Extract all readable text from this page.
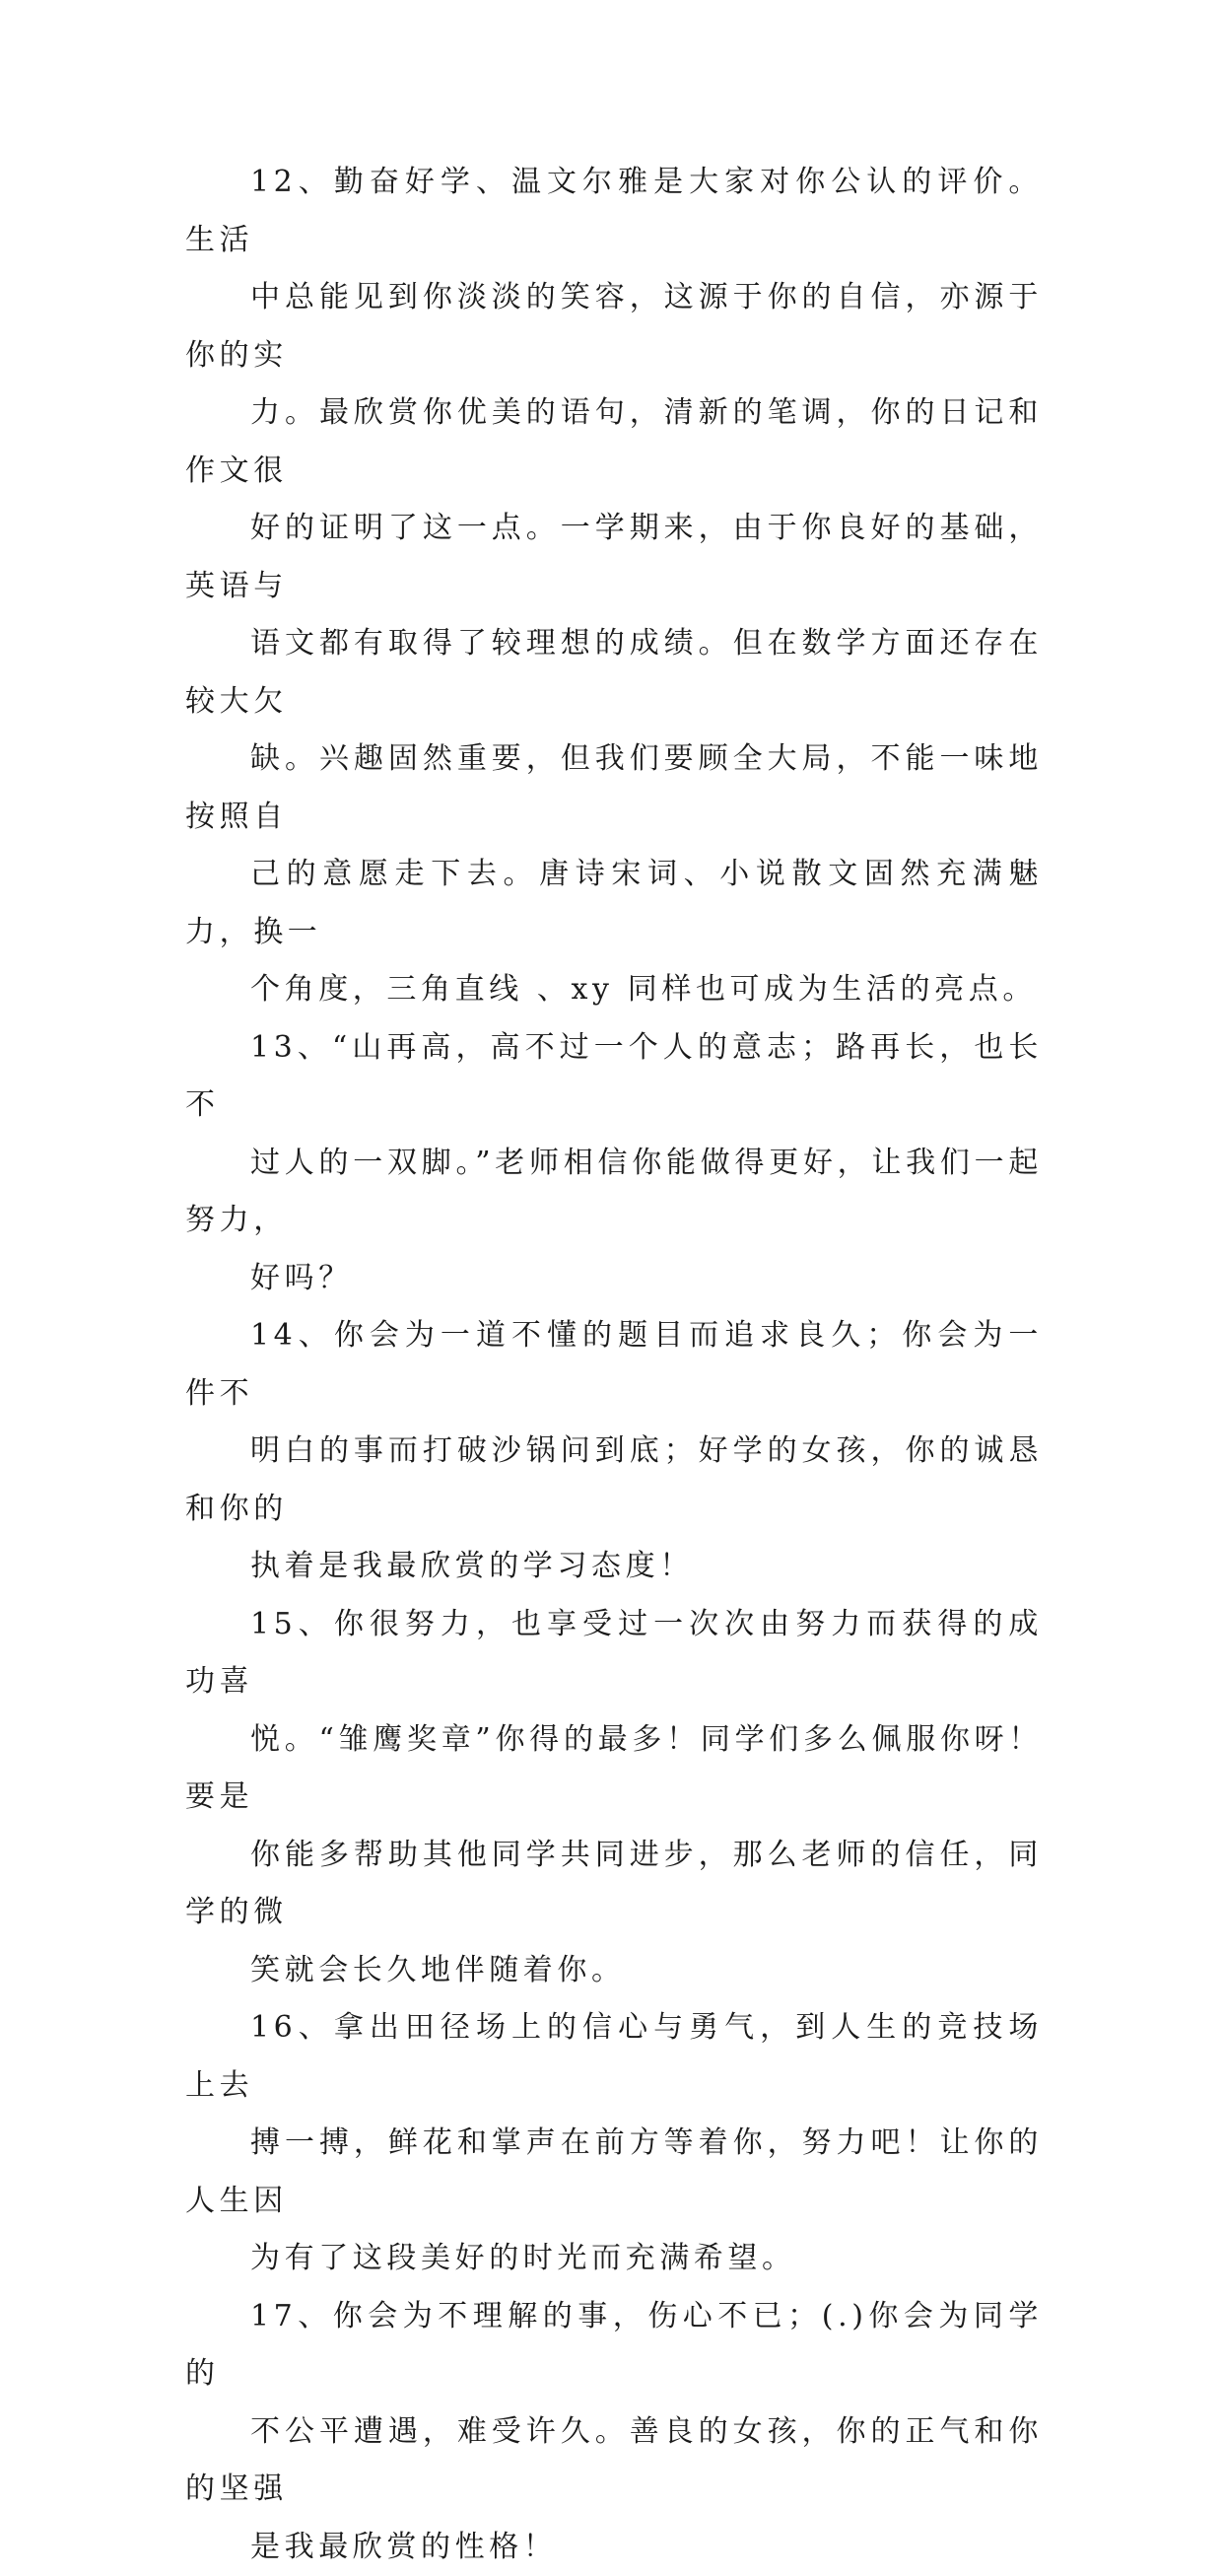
12、勤奋好学、温文尔雅是大家对你公认的评价。生活
中总能见到你淡淡的笑容，这源于你的自信，亦源于你的实
力。最欣赏你优美的语句，清新的笔调，你的日记和作文很
好的证明了这一点。一学期来，由于你良好的基础，英语与
语文都有取得了较理想的成绩。但在数学方面还存在较大欠
缺。兴趣固然重要，但我们要顾全大局，不能一味地按照自
己的意愿走下去。唐诗宋词、小说散文固然充满魅力，换一
个角度，三角直线 、xy 同样也可成为生活的亮点。

13、“山再高，高不过一个人的意志；路再长，也长不
过人的一双脚。”老师相信你能做得更好，让我们一起努力，
好吗？

14、你会为一道不懂的题目而追求良久；你会为一件不
明白的事而打破沙锅问到底；好学的女孩，你的诚恳和你的
执着是我最欣赏的学习态度！

15、你很努力，也享受过一次次由努力而获得的成功喜
悦。“雏鹰奖章”你得的最多！同学们多么佩服你呀！ 要是
你能多帮助其他同学共同进步，那么老师的信任，同学的微
笑就会长久地伴随着你。

16、拿出田径场上的信心与勇气，到人生的竞技场上去
搏一搏，鲜花和掌声在前方等着你，努力吧！让你的人生因
为有了这段美好的时光而充满希望。

17、你会为不理解的事，伤心不已；(.)你会为同学的
不公平遭遇，难受许久。善良的女孩，你的正气和你的坚强
是我最欣赏的性格！
